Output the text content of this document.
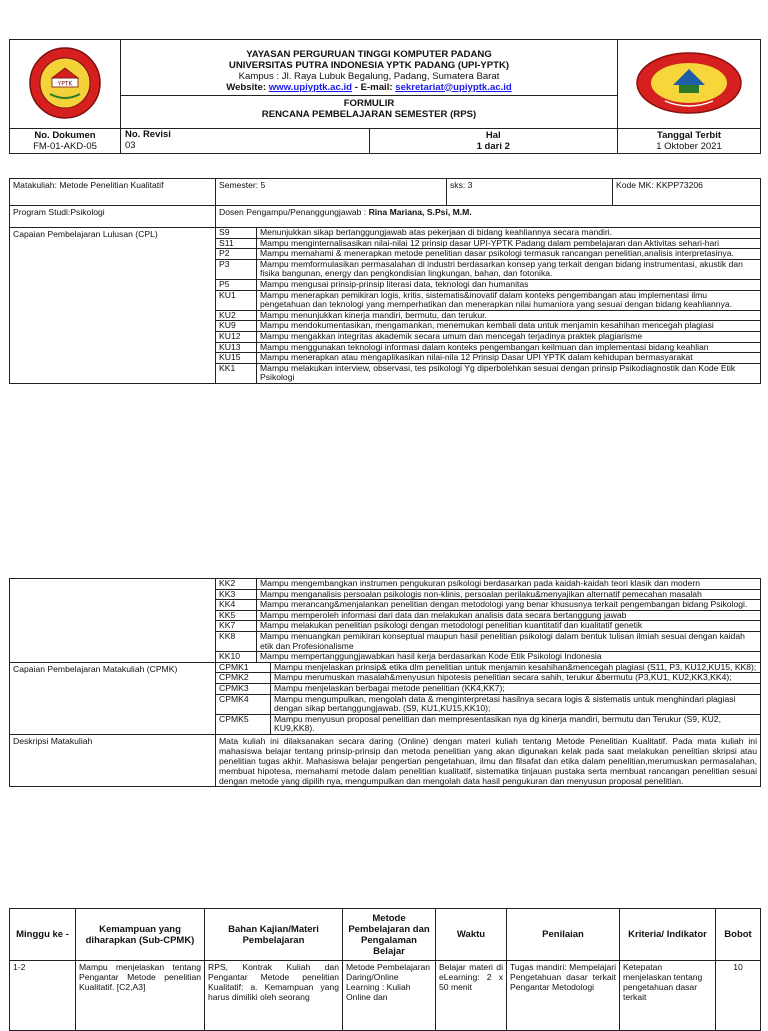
YPTK

YAYASAN PERGURUAN TINGGI KOMPUTER PADANG
UNIVERSITAS PUTRA INDONESIA YPTK PADANG (UPI-YPTK)
Kampus : Jl. Raya Lubuk Begalung, Padang, Sumatera Barat
Website: www.upiyptk.ac.id - E-mail: sekretariat@upiyptk.ac.id
FORMULIR
RENCANA PEMBELAJARAN SEMESTER (RPS)

No. Dokumen
FM-01-AKD-05	
No. Revisi
03	
Hal
1 dari 2

Tanggal Terbit
1 Oktober 2021
Matakuliah: Metode Penelitian Kualitatif	Semester: 5	sks: 3	Kode MK: KKPP73206
Program Studi:Psikologi	Dosen Pengampu/Penanggungjawab : Rina Mariana, S.Psi, M.M.
Capaian Pembelajaran Lulusan (CPL)		S9	Menunjukkan sikap bertanggungjawab atas pekerjaan di bidang keahliannya secara mandiri.
S11	Mampu menginternalisasikan nilai-nilai 12 prinsip dasar UPI-YPTK Padang dalam pembelajaran dan Aktivitas sehari-hari
P2	Mampu memahami & menerapkan metode penelitian dasar psikologi termasuk rancangan penelitian,analisis interpretasinya.
P3	Mampu memformulasikan permasalahan di industri berdasarkan konsep yang terkait dengan bidang instrumentasi, akustik dan fisika bangunan, energy dan pengkondisian lingkungan, bahan, dan fotonika.
P5	Mampu mengusai prinsip-prinsip literasi data, teknologi dan humanitas
KU1	Mampu menerapkan pemikiran logis, kritis, sistematis&inovatif dalam konteks pengembangan atau implementasi ilmu pengetahuan dan teknologi yang memperhatikan dan menerapkan nilai humaniora yang sesuai dengan bidang keahliannya.
KU2	Mampu menunjukkan kinerja mandiri, bermutu, dan terukur.
KU9	Mampu mendokumentasikan, mengamankan, menemukan kembali data untuk menjamin kesahihan mencegah plagiasi
KU12	Mampu mengakkan integritas akademik secara umum dan mencegah terjadinya praktek plagiarisme
KU13	Mampu menggunakan teknologi informasi dalam konteks pengembangan keilmuan dan implementasi bidang keahlian
KU15	Mampu menerapkan atau mengaplikasikan nilai-nila 12 Prinsip Dasar UPI YPTK dalam kehidupan bermasyarakat
KK1	Mampu melakukan interview, observasi, tes psikologi Yg diperbolehkan sesuai dengan prinsip Psikodiagnostik dan Kode Etik Psikologi

KK2	Mampu mengembangkan instrumen pengukuran psikologi berdasarkan pada kaidah-kaidah teori klasik dan modern
KK3	Mampu menganalisis persoalan psikologis non-klinis, persoalan perilaku&menyajikan alternatif pemecahan masalah
KK4	Mampu merancang&menjalankan penelitian dengan metodologi yang benar khususnya terkait pengembangan bidang Psikologi.
KK5	Mampu memperoleh informasi dari data dan melakukan analisis data secara bertanggung jawab
KK7	Mampu melakukan penelitian psikologi dengan metodologi penelitian kuantitatif dan kualitatif genetik
KK8	Mampu menuangkan pemikiran konseptual maupun hasil penelitian psikologi dalam bentuk tulisan ilmiah sesuai dengan kaidah etik dan Profesionalisme
KK10	Mampu mempertanggungjawabkan hasil kerja berdasarkan Kode Etik Psikologi Indonesia

Capaian Pembelajaran Matakuliah (CPMK)		CPMK1	Mampu menjelaskan prinsip& etika dlm penelitian untuk menjamin kesahihan&mencegah plagiasi (S11, P3, KU12,KU15, KK8);
CPMK2	Mampu merumuskan masalah&menyusun hipotesis penelitian secara sahih, terukur &bermutu (P3,KU1, KU2,KK3,KK4);
CPMK3	Mampu menjelaskan berbagai metode penelitian (KK4,KK7);
CPMK4	Mampu mengumpulkan, mengolah data & menginterpretasi hasilnya secara logis & sistematis untuk menghindari plagiasi dengan sikap bertanggungjawab. (S9, KU1,KU15,KK10);
CPMK5	Mampu menyusun proposal penelitian dan mempresentasikan nya dg kinerja mandiri, bermutu dan Terukur (S9, KU2, KU9,KK8).

Deskripsi Matakuliah	Mata kuliah ini dilaksanakan secara daring (Online) dengan materi kuliah tentang Metode Penelitian Kualitatif. Pada mata kuliah ini mahasiswa belajar tentang prinsip-prinsip dan metoda penelitian yang akan digunakan kelak pada saat melakukan penelitian skripsi atau penelitian tugas akhir. Mahasiswa belajar pengertian pengetahuan, ilmu dan filsafat dan etika dalam penelitian,merumuskan permasalahan, membuat hipotesa, memahami metode dalam penelitian kualitatif, sistematika tinjauan pustaka serta membuat rancangan penelitian sesuai dengan metode yang dipilih nya, mengumpulkan dan mengolah data hasil pengukuran dan menyusun proposal penelitian.
Minggu ke -	Kemampuan yang diharapkan (Sub-CPMK)	Bahan Kajian/Materi Pembelajaran	Metode Pembelajaran dan Pengalaman Belajar	Waktu	Penilaian	Kriteria/ Indikator	Bobot
1-2	Mampu menjelaskan tentang Pengantar Metode penelitian Kualitatif. [C2,A3]	RPS, Kontrak Kuliah dan Pengantar Metode penelitian Kualitatif: a. Kemampuan yang harus dimiliki oleh seorang	Metode Pembelajaran Daring/Online Learning : Kuliah Online dan	Belajar materi di eLearning: 2 x 50 menit	Tugas mandiri: Mempelajari Pengetahuan dasar terkait Pengantar Metodologi	Ketepatan menjelaskan tentang pengetahuan dasar terkait	10
